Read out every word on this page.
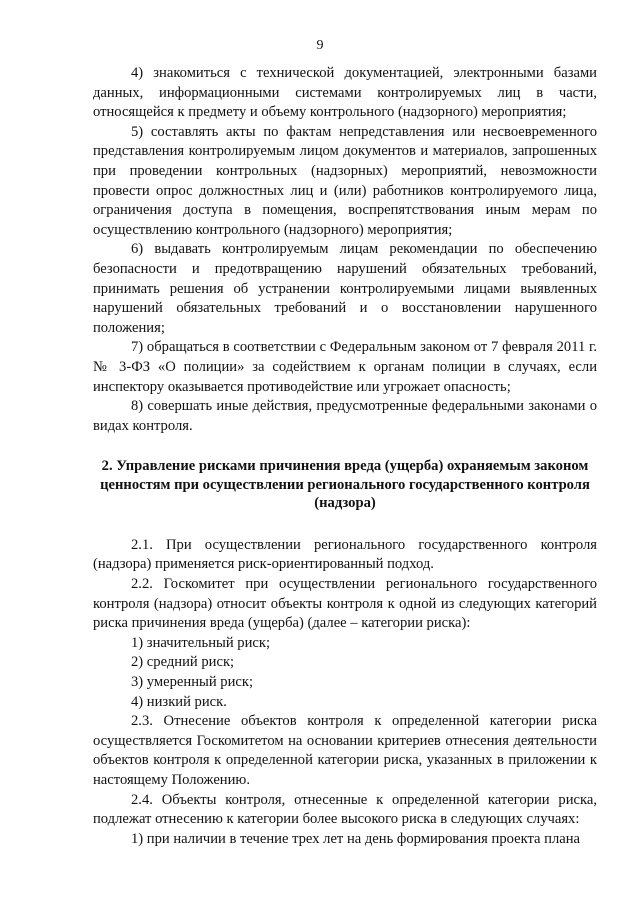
9

4) знакомиться с технической документацией, электронными базами данных, информационными системами контролируемых лиц в части, относящейся к предмету и объему контрольного (надзорного) мероприятия;

5) составлять акты по фактам непредставления или несвоевременного представления контролируемым лицом документов и материалов, запрошенных при проведении контрольных (надзорных) мероприятий, невозможности провести опрос должностных лиц и (или) работников контролируемого лица, ограничения доступа в помещения, воспрепятствования иным мерам по осуществлению контрольного (надзорного) мероприятия;

6) выдавать контролируемым лицам рекомендации по обеспечению безопасности и предотвращению нарушений обязательных требований, принимать решения об устранении контролируемыми лицами выявленных нарушений обязательных требований и о восстановлении нарушенного положения;

7) обращаться в соответствии с Федеральным законом от 7 февраля 2011 г. № 3-ФЗ «О полиции» за содействием к органам полиции в случаях, если инспектору оказывается противодействие или угрожает опасность;

8) совершать иные действия, предусмотренные федеральными законами о видах контроля.

2. Управление рисками причинения вреда (ущерба) охраняемым законом ценностям при осуществлении регионального государственного контроля (надзора)

2.1. При осуществлении регионального государственного контроля (надзора) применяется риск-ориентированный подход.

2.2. Госкомитет при осуществлении регионального государственного контроля (надзора) относит объекты контроля к одной из следующих категорий риска причинения вреда (ущерба) (далее – категории риска):

1) значительный риск;

2) средний риск;

3) умеренный риск;

4) низкий риск.

2.3. Отнесение объектов контроля к определенной категории риска осуществляется Госкомитетом на основании критериев отнесения деятельности объектов контроля к определенной категории риска, указанных в приложении к настоящему Положению.

2.4. Объекты контроля, отнесенные к определенной категории риска, подлежат отнесению к категории более высокого риска в следующих случаях:

1) при наличии в течение трех лет на день формирования проекта плана
